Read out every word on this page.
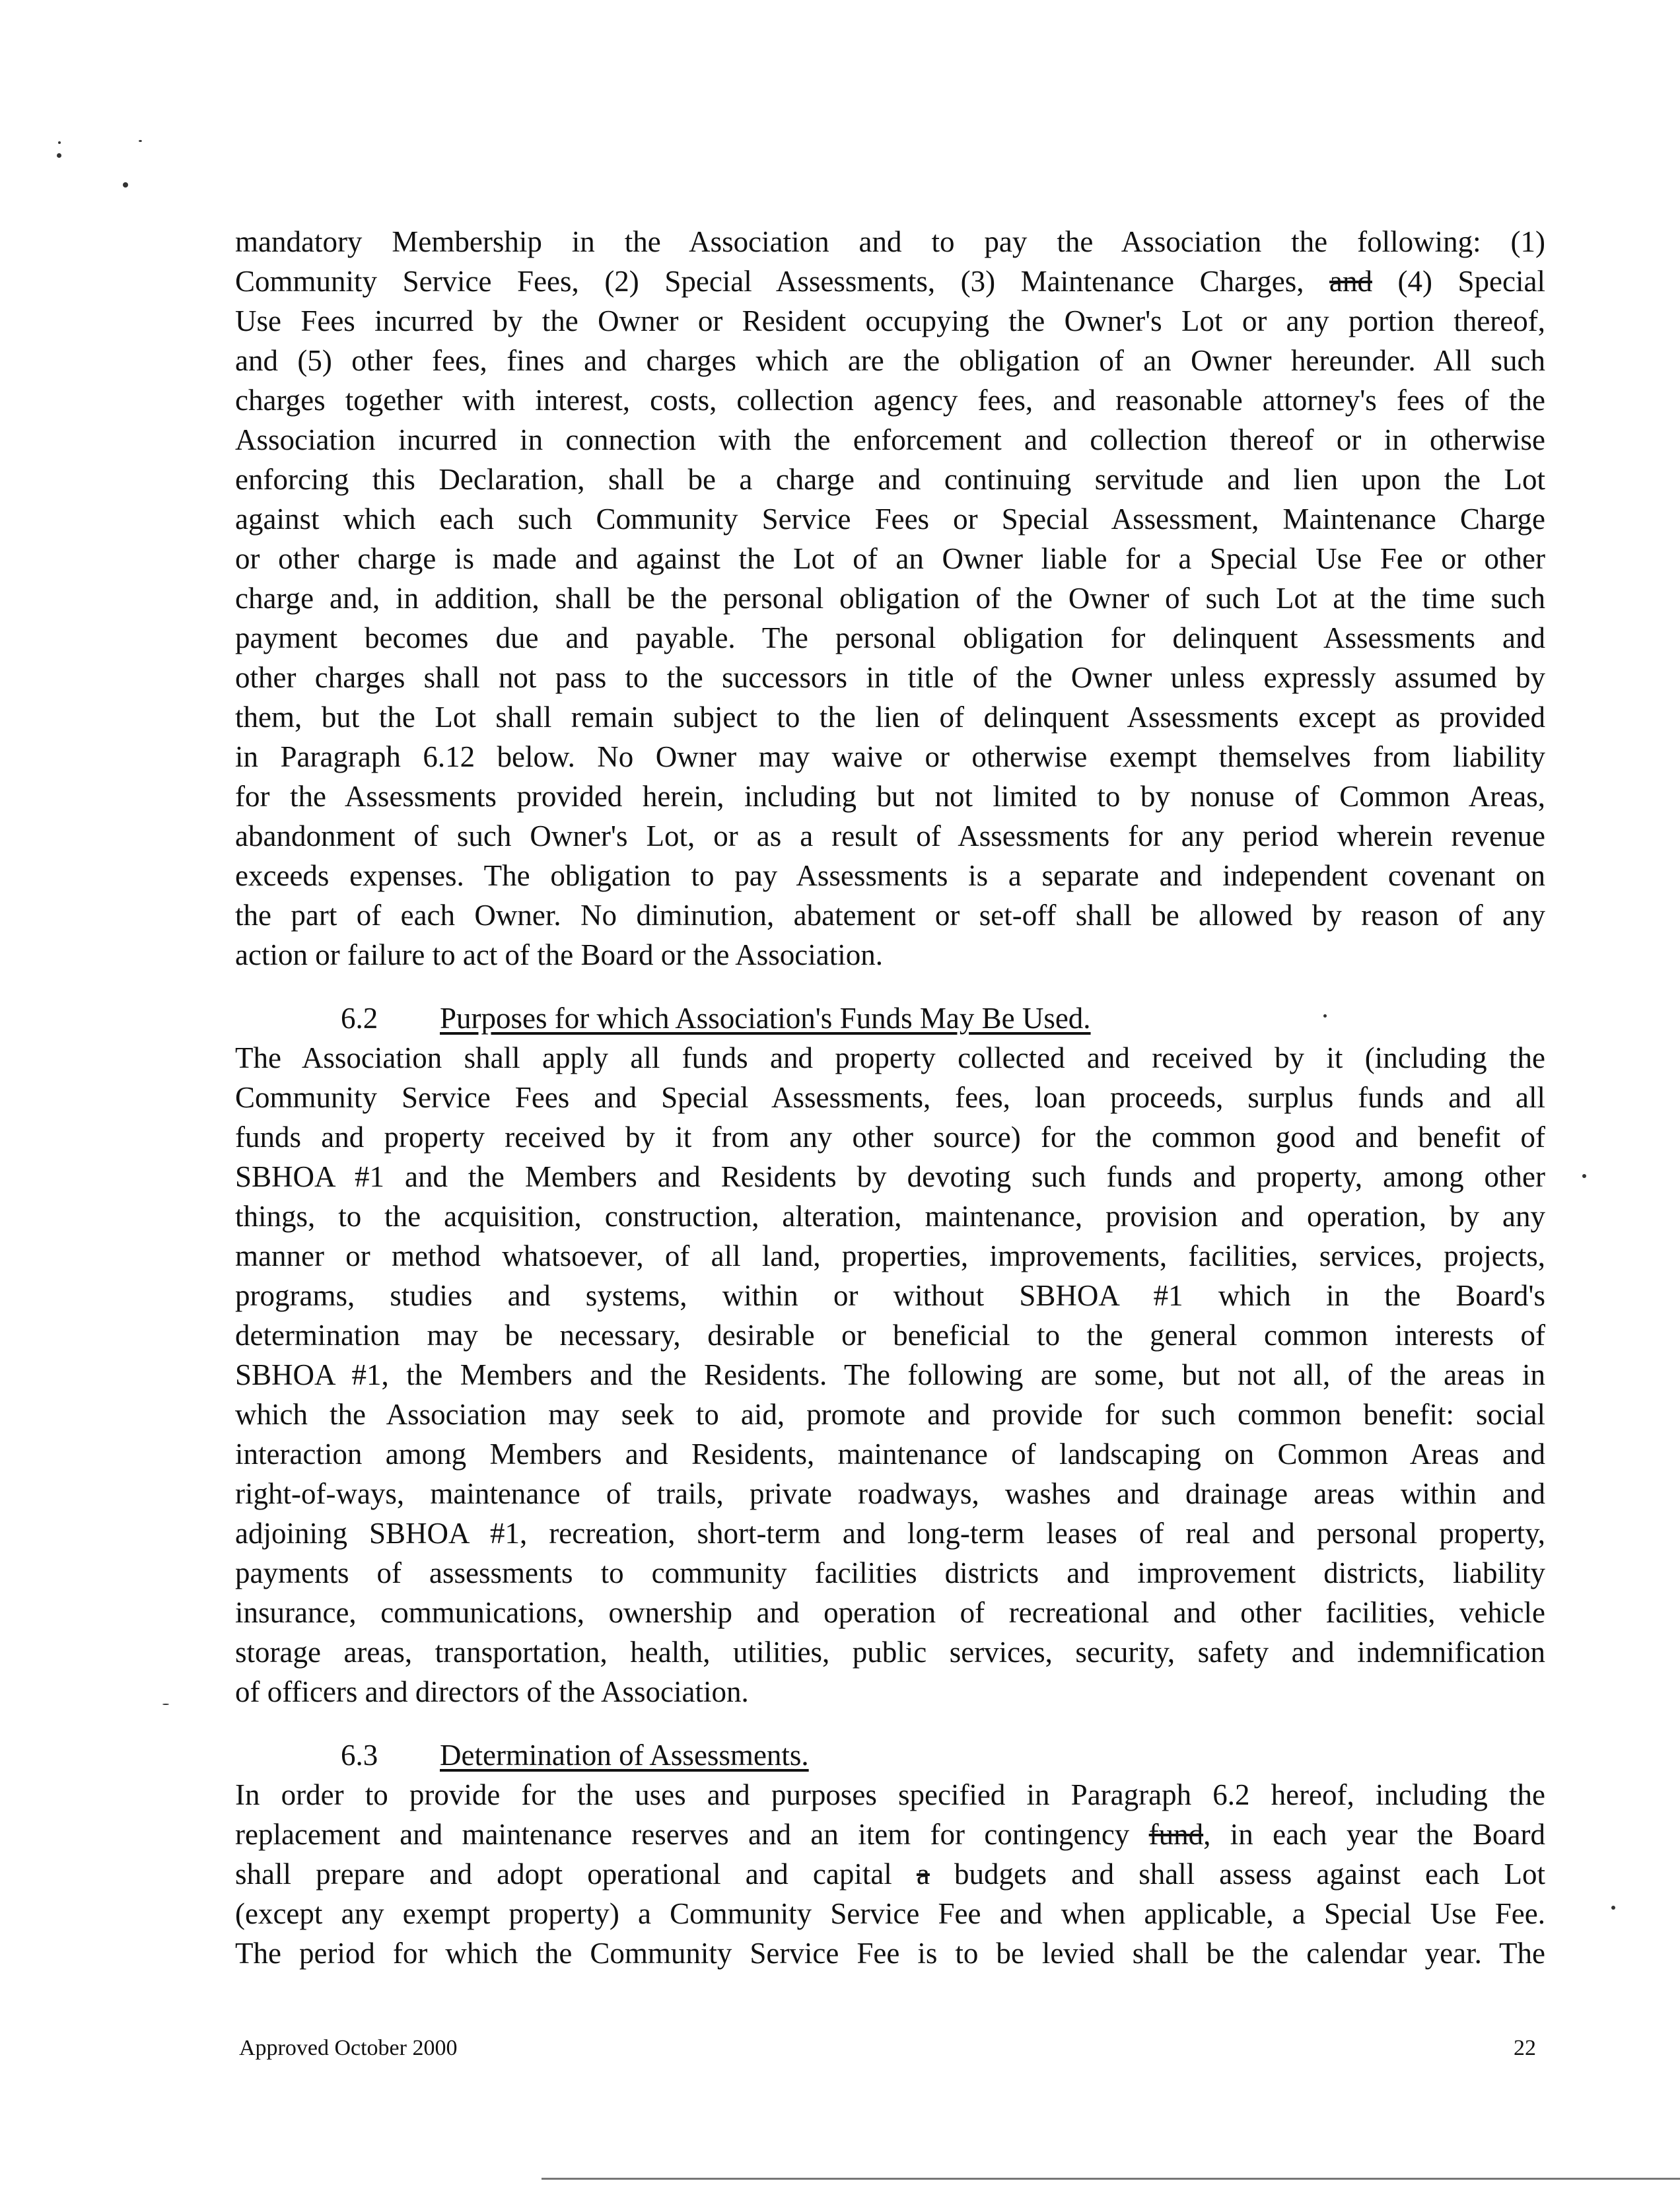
mandatory Membership in the Association and to pay the Association the following: (1)
Community Service Fees, (2) Special Assessments, (3) Maintenance Charges, and (4) Special
Use Fees incurred by the Owner or Resident occupying the Owner's Lot or any portion thereof,
and (5) other fees, fines and charges which are the obligation of an Owner hereunder. All such
charges together with interest, costs, collection agency fees, and reasonable attorney's fees of the
Association incurred in connection with the enforcement and collection thereof or in otherwise
enforcing this Declaration, shall be a charge and continuing servitude and lien upon the Lot
against which each such Community Service Fees or Special Assessment, Maintenance Charge
or other charge is made and against the Lot of an Owner liable for a Special Use Fee or other
charge and, in addition, shall be the personal obligation of the Owner of such Lot at the time such
payment becomes due and payable. The personal obligation for delinquent Assessments and
other charges shall not pass to the successors in title of the Owner unless expressly assumed by
them, but the Lot shall remain subject to the lien of delinquent Assessments except as provided
in Paragraph 6.12 below. No Owner may waive or otherwise exempt themselves from liability
for the Assessments provided herein, including but not limited to by nonuse of Common Areas,
abandonment of such Owner's Lot, or as a result of Assessments for any period wherein revenue
exceeds expenses. The obligation to pay Assessments is a separate and independent covenant on
the part of each Owner. No diminution, abatement or set-off shall be allowed by reason of any
action or failure to act of the Board or the Association.
6.2 Purposes for which Association's Funds May Be Used.
The Association shall apply all funds and property collected and received by it (including the
Community Service Fees and Special Assessments, fees, loan proceeds, surplus funds and all
funds and property received by it from any other source) for the common good and benefit of
SBHOA #1 and the Members and Residents by devoting such funds and property, among other
things, to the acquisition, construction, alteration, maintenance, provision and operation, by any
manner or method whatsoever, of all land, properties, improvements, facilities, services, projects,
programs, studies and systems, within or without SBHOA #1 which in the Board's
determination may be necessary, desirable or beneficial to the general common interests of
SBHOA #1, the Members and the Residents. The following are some, but not all, of the areas in
which the Association may seek to aid, promote and provide for such common benefit: social
interaction among Members and Residents, maintenance of landscaping on Common Areas and
right-of-ways, maintenance of trails, private roadways, washes and drainage areas within and
adjoining SBHOA #1, recreation, short-term and long-term leases of real and personal property,
payments of assessments to community facilities districts and improvement districts, liability
insurance, communications, ownership and operation of recreational and other facilities, vehicle
storage areas, transportation, health, utilities, public services, security, safety and indemnification
of officers and directors of the Association.
6.3 Determination of Assessments.
In order to provide for the uses and purposes specified in Paragraph 6.2 hereof, including the
replacement and maintenance reserves and an item for contingency fund, in each year the Board
shall prepare and adopt operational and capital a budgets and shall assess against each Lot
(except any exempt property) a Community Service Fee and when applicable, a Special Use Fee.
The period for which the Community Service Fee is to be levied shall be the calendar year. The
Approved October 2000	22
